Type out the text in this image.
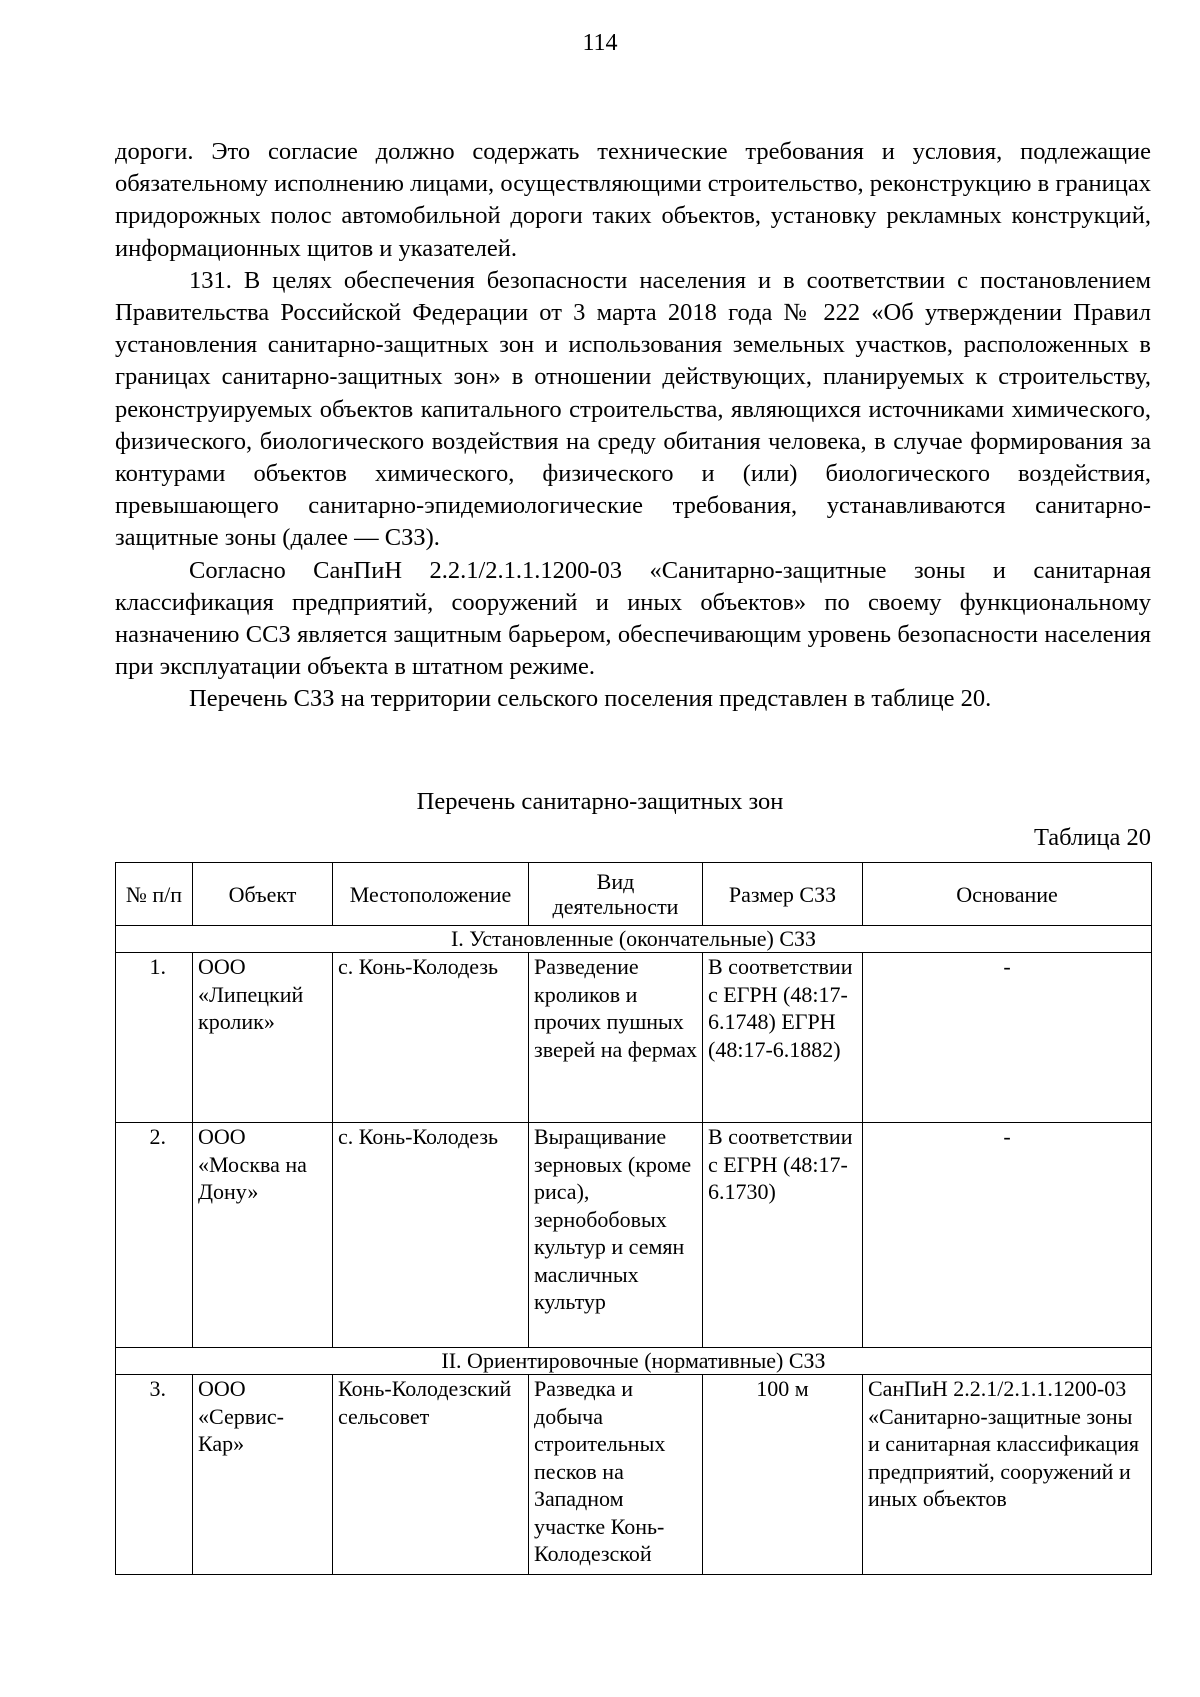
114

дороги. Это согласие должно содержать технические требования и условия, подлежащие обязательному исполнению лицами, осуществляющими строительство, реконструкцию в границах придорожных полос автомобильной дороги таких объектов, установку рекламных конструкций, информационных щитов и указателей.

131. В целях обеспечения безопасности населения и в соответствии с постановлением Правительства Российской Федерации от 3 марта 2018 года № 222 «Об утверждении Правил установления санитарно-защитных зон и использования земельных участков, расположенных в границах санитарно-защитных зон» в отношении действующих, планируемых к строительству, реконструируемых объектов капитального строительства, являющихся источниками химического, физического, биологического воздействия на среду обитания человека, в случае формирования за контурами объектов химического, физического и (или) биологического воздействия, превышающего санитарно-эпидемиологические требования, устанавливаются санитарно-защитные зоны (далее — СЗЗ).

Согласно СанПиН 2.2.1/2.1.1.1200-03 «Санитарно-защитные зоны и санитарная классификация предприятий, сооружений и иных объектов» по своему функциональному назначению ССЗ является защитным барьером, обеспечивающим уровень безопасности населения при эксплуатации объекта в штатном режиме.

Перечень СЗЗ на территории сельского поселения представлен в таблице 20.

Перечень санитарно-защитных зон
Таблица 20
№ п/п	Объект	Местоположение	Вид деятельности	Размер СЗЗ	Основание
I. Установленные (окончательные) СЗЗ					
1.	ООО «Липецкий кролик»	с. Конь-Колодезь	Разведение кроликов и прочих пушных зверей на фермах	В соответствии с ЕГРН (48:17-6.1748) ЕГРН (48:17-6.1882)	-
2.	ООО «Москва на Дону»	с. Конь-Колодезь	Выращивание зерновых (кроме риса), зернобобовых культур и семян масличных культур	В соответствии с ЕГРН (48:17-6.1730)	-
II. Ориентировочные (нормативные) СЗЗ					
3.	ООО «Сервис-Кар»	Конь-Колодезский сельсовет	Разведка и добыча строительных песков на Западном участке Конь-Колодезской	100 м	СанПиН 2.2.1/2.1.1.1200-03 «Санитарно-защитные зоны и санитарная классификация предприятий, сооружений и иных объектов
